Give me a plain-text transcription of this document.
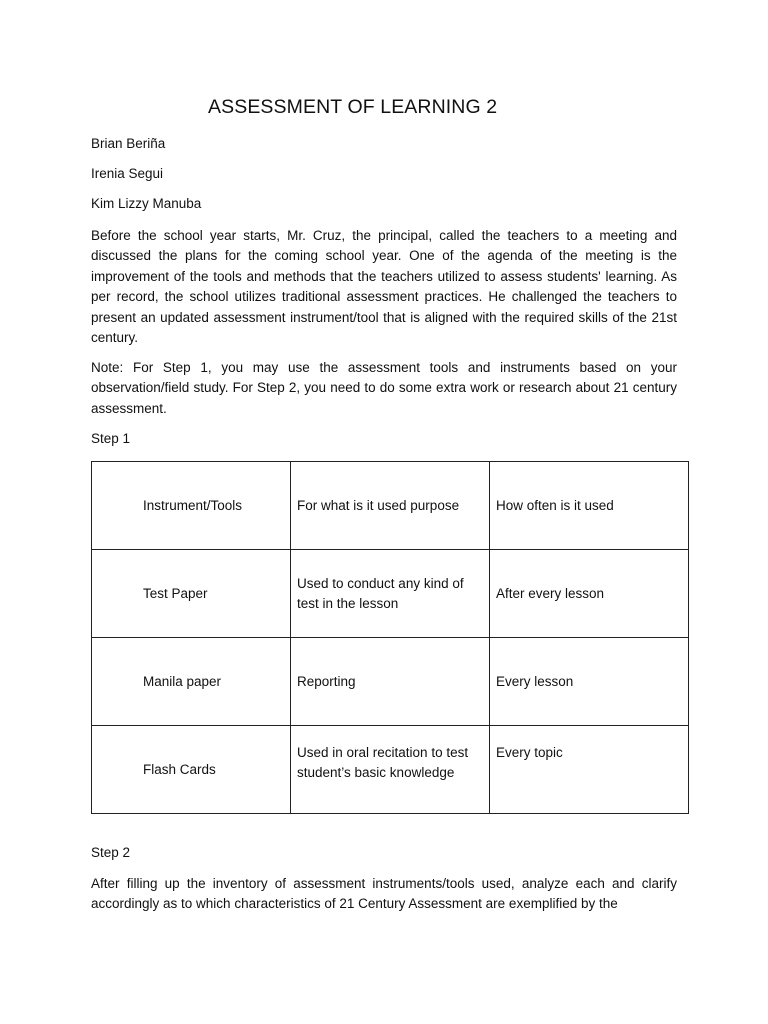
ASSESSMENT OF LEARNING 2
Brian Beriña
Irenia Segui
Kim Lizzy Manuba
Before the school year starts, Mr. Cruz, the principal, called the teachers to a meeting and discussed the plans for the coming school year. One of the agenda of the meeting is the improvement of the tools and methods that the teachers utilized to assess students' learning. As per record, the school utilizes traditional assessment practices. He challenged the teachers to present an updated assessment instrument/tool that is aligned with the required skills of the 21st century.
Note: For Step 1, you may use the assessment tools and instruments based on your observation/field study. For Step 2, you need to do some extra work or research about 21 century assessment.
Step 1
Instrument/Tools	For what is it used purpose	How often is it used

Test Paper	Used to conduct any kind of test in the lesson	After every lesson

Manila paper	Reporting	Every lesson

Flash Cards	Used in oral recitation to test student’s basic knowledge	Every topic
Step 2
After filling up the inventory of assessment instruments/tools used, analyze each and clarify accordingly as to which characteristics of 21 Century Assessment are exemplified by the
